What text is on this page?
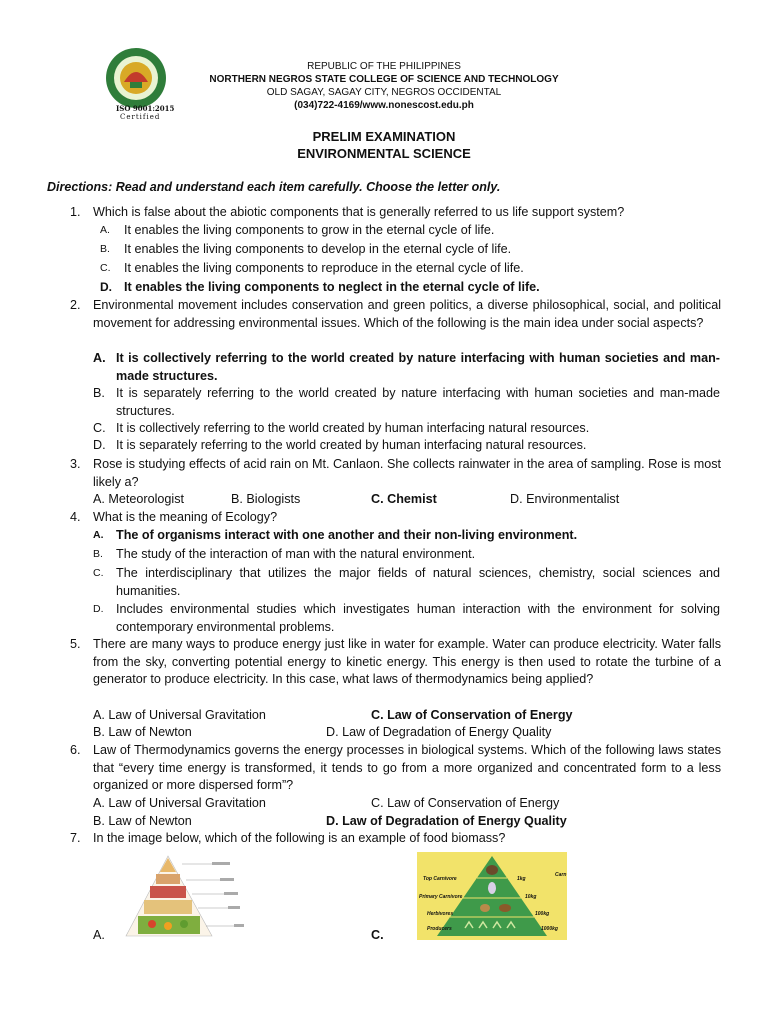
ISO 9001:2015
Certified
REPUBLIC OF THE PHILIPPINES
NORTHERN NEGROS STATE COLLEGE OF SCIENCE AND TECHNOLOGY
OLD SAGAY, SAGAY CITY, NEGROS OCCIDENTAL
(034)722-4169/www.nonescost.edu.ph
PRELIM EXAMINATION
ENVIRONMENTAL SCIENCE
Directions: Read and understand each item carefully. Choose the letter only.
1. Which is false about the abiotic components that is generally referred to us life support system?
A. It enables the living components to grow in the eternal cycle of life.
B. It enables the living components to develop in the eternal cycle of life.
C. It enables the living components to reproduce in the eternal cycle of life.
D. It enables the living components to neglect in the eternal cycle of life.
2. Environmental movement includes conservation and green politics, a diverse philosophical, social, and political movement for addressing environmental issues. Which of the following is the main idea under social aspects?
A. It is collectively referring to the world created by nature interfacing with human societies and man-made structures.
B. It is separately referring to the world created by nature interfacing with human societies and man-made structures.
C. It is collectively referring to the world created by human interfacing natural resources.
D. It is separately referring to the world created by human interfacing natural resources.
3. Rose is studying effects of acid rain on Mt. Canlaon. She collects rainwater in the area of sampling. Rose is most likely a?
A. Meteorologist	B. Biologists	C. Chemist	D. Environmentalist
4. What is the meaning of Ecology?
A. The of organisms interact with one another and their non-living environment.
B. The study of the interaction of man with the natural environment.
C. The interdisciplinary that utilizes the major fields of natural sciences, chemistry, social sciences and humanities.
D. Includes environmental studies which investigates human interaction with the environment for solving contemporary environmental problems.
5. There are many ways to produce energy just like in water for example. Water can produce electricity. Water falls from the sky, converting potential energy to kinetic energy. This energy is then used to rotate the turbine of a generator to produce electricity. In this case, what laws of thermodynamics being applied?
A. Law of Universal Gravitation	C. Law of Conservation of Energy
B. Law of Newton	D. Law of Degradation of Energy Quality
6. Law of Thermodynamics governs the energy processes in biological systems. Which of the following laws states that “every time energy is transformed, it tends to go from a more organized and concentrated form to a less organized or more dispersed form”?
A. Law of Universal Gravitation	C. Law of Conservation of Energy
B. Law of Newton	D. Law of Degradation of Energy Quality
7. In the image below, which of the following is an example of food biomass?
A.	C.
Top Carnivore
Primary Carnivore
Herbivores
Producers
1kg
10kg
100kg
1000kg
Carn
